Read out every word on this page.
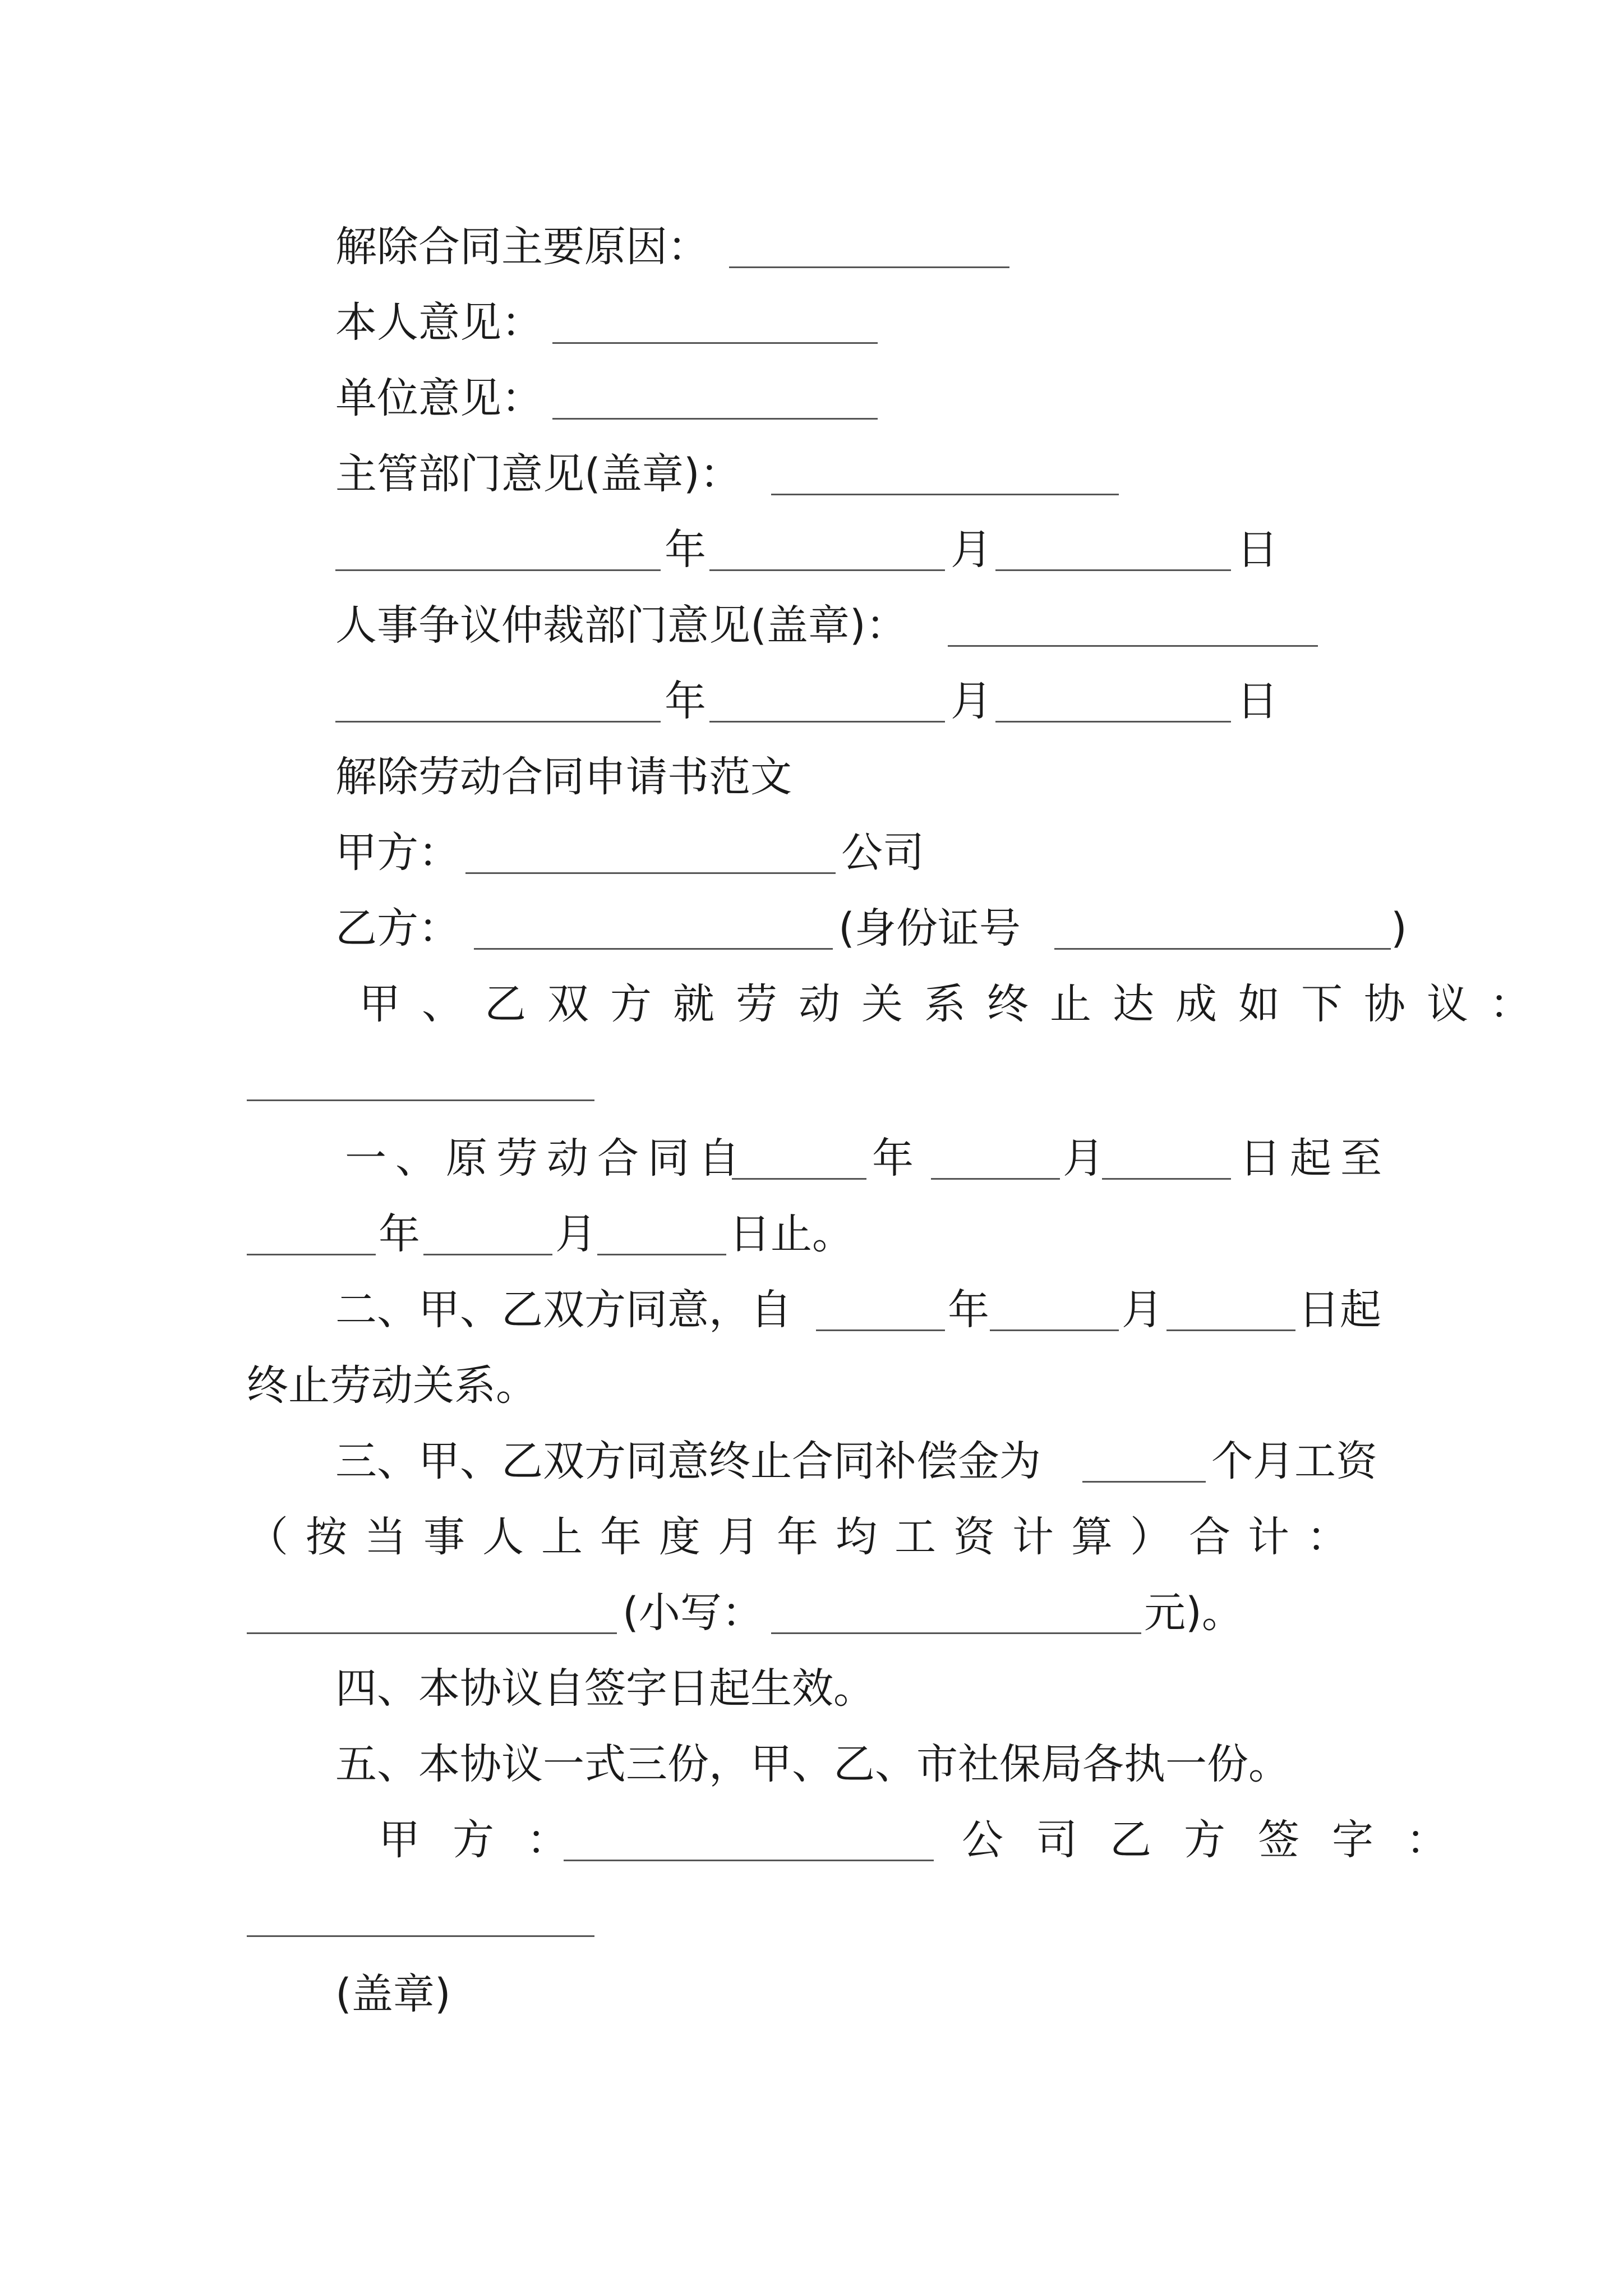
解除合同主要原因：
本人意见：
单位意见：
主管部门意见(盖章)：
年	月	日
人事争议仲裁部门意见(盖章)：
年	月	日
解除劳动合同申请书范文
甲方：	公司
乙方：	(身份证号	)
甲、乙双方就劳动关系终止达成如下协议：
一、原劳动合同自	年	月	日起至
年	月	日止。
二、甲、乙双方同意，自	年	月	日起
终止劳动关系。
三、甲、乙双方同意终止合同补偿金为	个月工资
（按当事人上年度月年均工资计算）合计：
(小写：	元)。
四、本协议自签字日起生效。
五、本协议一式三份，甲、乙、市社保局各执一份。
甲方：	公司乙方签字：
(盖章)
